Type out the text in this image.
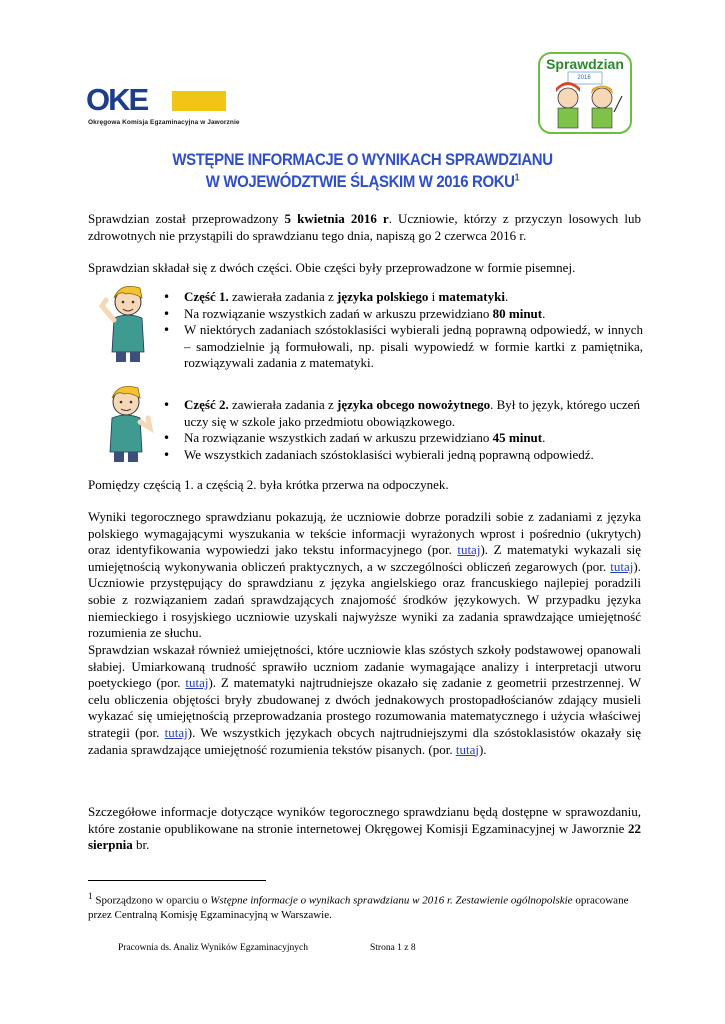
OKE
Okręgowa Komisja Egzaminacyjna w Jaworznie
Sprawdzian
2016
WSTĘPNE INFORMACJE O WYNIKACH SPRAWDZIANU
W WOJEWÓDZTWIE ŚLĄSKIM W 2016 ROKU$^1$

Sprawdzian został przeprowadzony 5 kwietnia 2016 r. Uczniowie, którzy z przyczyn losowych lub zdrowotnych nie przystąpili do sprawdzianu tego dnia, napiszą go 2 czerwca 2016 r.

Sprawdzian składał się z dwóch części. Obie części były przeprowadzone w formie pisemnej.

• Część 1. zawierała zadania z języka polskiego i matematyki.
• Na rozwiązanie wszystkich zadań w arkuszu przewidziano 80 minut.
• W niektórych zadaniach szóstoklasiści wybierali jedną poprawną odpowiedź, w innych – samodzielnie ją formułowali, np. pisali wypowiedź w formie kartki z pamiętnika, rozwiązywali zadania z matematyki.
• Część 2. zawierała zadania z języka obcego nowożytnego. Był to język, którego uczeń uczy się w szkole jako przedmiotu obowiązkowego.
• Na rozwiązanie wszystkich zadań w arkuszu przewidziano 45 minut.
• We wszystkich zadaniach szóstoklasiści wybierali jedną poprawną odpowiedź.

Pomiędzy częścią 1. a częścią 2. była krótka przerwa na odpoczynek.

Wyniki tegorocznego sprawdzianu pokazują, że uczniowie dobrze poradzili sobie z zadaniami z języka polskiego wymagającymi wyszukania w tekście informacji wyrażonych wprost i pośrednio (ukrytych) oraz identyfikowania wypowiedzi jako tekstu informacyjnego (por. tutaj). Z matematyki wykazali się umiejętnością wykonywania obliczeń praktycznych, a w szczególności obliczeń zegarowych (por. tutaj). Uczniowie przystępujący do sprawdzianu z języka angielskiego oraz francuskiego najlepiej poradzili sobie z rozwiązaniem zadań sprawdzających znajomość środków językowych. W przypadku języka niemieckiego i rosyjskiego uczniowie uzyskali najwyższe wyniki za zadania sprawdzające umiejętność rozumienia ze słuchu.

Sprawdzian wskazał również umiejętności, które uczniowie klas szóstych szkoły podstawowej opanowali słabiej. Umiarkowaną trudność sprawiło uczniom zadanie wymagające analizy i interpretacji utworu poetyckiego (por. tutaj). Z matematyki najtrudniejsze okazało się zadanie z geometrii przestrzennej. W celu obliczenia objętości bryły zbudowanej z dwóch jednakowych prostopadłościanów zdający musieli wykazać się umiejętnością przeprowadzania prostego rozumowania matematycznego i użycia właściwej strategii (por. tutaj). We wszystkich językach obcych najtrudniejszymi dla szóstoklasistów okazały się zadania sprawdzające umiejętność rozumienia tekstów pisanych. (por. tutaj).

Szczegółowe informacje dotyczące wyników tegorocznego sprawdzianu będą dostępne w sprawozdaniu, które zostanie opublikowane na stronie internetowej Okręgowej Komisji Egzaminacyjnej w Jaworznie 22 sierpnia br.

$^1$ Sporządzono w oparciu o Wstępne informacje o wynikach sprawdzianu w 2016 r. Zestawienie ogólnopolskie opracowane przez Centralną Komisję Egzaminacyjną w Warszawie.
Pracownia ds. Analiz Wyników Egzaminacyjnych	Strona 1 z 8
